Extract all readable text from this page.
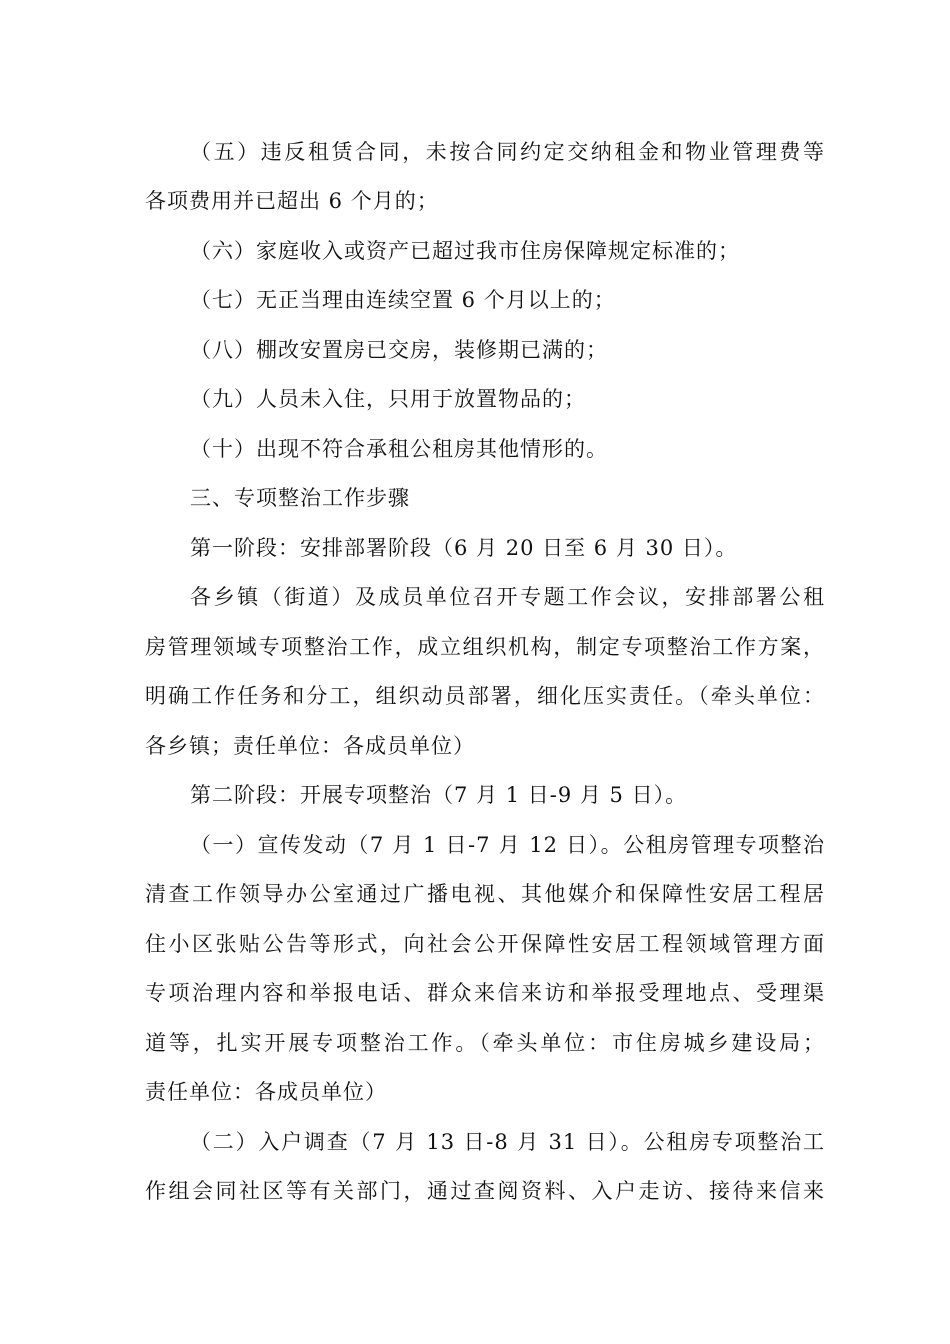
（五）违反租赁合同，未按合同约定交纳租金和物业管理费等
各项费用并已超出 6 个月的；
（六）家庭收入或资产已超过我市住房保障规定标准的；
（七）无正当理由连续空置 6 个月以上的；
（八）棚改安置房已交房，装修期已满的；
（九）人员未入住，只用于放置物品的；
（十）出现不符合承租公租房其他情形的。
三、专项整治工作步骤
第一阶段：安排部署阶段（6 月 20 日至 6 月 30 日）。
各乡镇（街道）及成员单位召开专题工作会议，安排部署公租
房管理领域专项整治工作，成立组织机构，制定专项整治工作方案，
明确工作任务和分工，组织动员部署，细化压实责任。（牵头单位：
各乡镇；责任单位：各成员单位）
第二阶段：开展专项整治（7 月 1 日-9 月 5 日）。
（一）宣传发动（7 月 1 日-7 月 12 日）。公租房管理专项整治
清查工作领导办公室通过广播电视、其他媒介和保障性安居工程居
住小区张贴公告等形式，向社会公开保障性安居工程领域管理方面
专项治理内容和举报电话、群众来信来访和举报受理地点、受理渠
道等，扎实开展专项整治工作。（牵头单位：市住房城乡建设局；
责任单位：各成员单位）
（二）入户调查（7 月 13 日-8 月 31 日）。公租房专项整治工
作组会同社区等有关部门，通过查阅资料、入户走访、接待来信来
